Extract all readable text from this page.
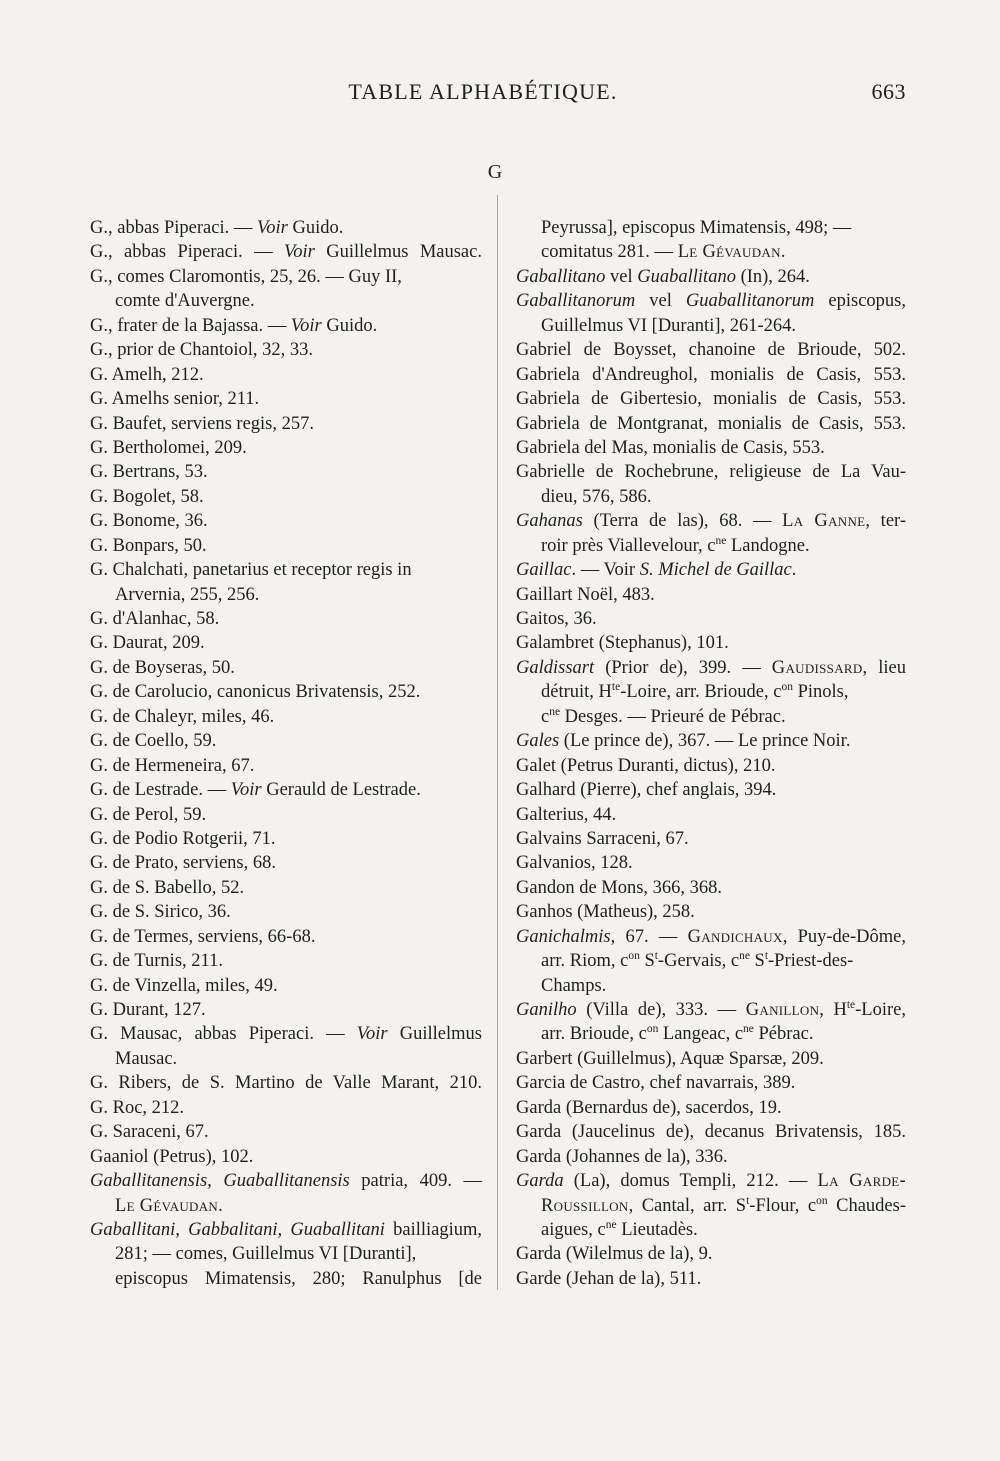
TABLE ALPHABÉTIQUE.	663
G
G., abbas Piperaci. — Voir Guido.
G., abbas Piperaci. — Voir Guillelmus Mausac.
G., comes Claromontis, 25, 26. — Guy II,
comte d'Auvergne.
G., frater de la Bajassa. — Voir Guido.
G., prior de Chantoiol, 32, 33.
G. Amelh, 212.
G. Amelhs senior, 211.
G. Baufet, serviens regis, 257.
G. Bertholomei, 209.
G. Bertrans, 53.
G. Bogolet, 58.
G. Bonome, 36.
G. Bonpars, 50.
G. Chalchati, panetarius et receptor regis in
Arvernia, 255, 256.
G. d'Alanhac, 58.
G. Daurat, 209.
G. de Boyseras, 50.
G. de Carolucio, canonicus Brivatensis, 252.
G. de Chaleyr, miles, 46.
G. de Coello, 59.
G. de Hermeneira, 67.
G. de Lestrade. — Voir Gerauld de Lestrade.
G. de Perol, 59.
G. de Podio Rotgerii, 71.
G. de Prato, serviens, 68.
G. de S. Babello, 52.
G. de S. Sirico, 36.
G. de Termes, serviens, 66-68.
G. de Turnis, 211.
G. de Vinzella, miles, 49.
G. Durant, 127.
G. Mausac, abbas Piperaci. — Voir Guillelmus
Mausac.
G. Ribers, de S. Martino de Valle Marant, 210.
G. Roc, 212.
G. Saraceni, 67.
Gaaniol (Petrus), 102.
Gaballitanensis, Guaballitanensis patria, 409. —
Le Gévaudan.
Gaballitani, Gabbalitani, Guaballitani bailliagium,
281; — comes, Guillelmus VI [Duranti],
episcopus Mimatensis, 280; Ranulphus [de
Peyrussa], episcopus Mimatensis, 498; —
comitatus 281. — Le Gévaudan.
Gaballitano vel Guaballitano (In), 264.
Gaballitanorum vel Guaballitanorum episcopus,
Guillelmus VI [Duranti], 261-264.
Gabriel de Boysset, chanoine de Brioude, 502.
Gabriela d'Andreughol, monialis de Casis, 553.
Gabriela de Gibertesio, monialis de Casis, 553.
Gabriela de Montgranat, monialis de Casis, 553.
Gabriela del Mas, monialis de Casis, 553.
Gabrielle de Rochebrune, religieuse de La Vau-
dieu, 576, 586.
Gahanas (Terra de las), 68. — La Ganne, ter-
roir près Viallevelour, $c^{ne}$ Landogne.
Gaillac. — Voir S. Michel de Gaillac.
Gaillart Noël, 483.
Gaitos, 36.
Galambret (Stephanus), 101.
Galdissart (Prior de), 399. — Gaudissard, lieu
détruit, $H^{te}$-Loire, arr. Brioude, $c^{on}$ Pinols,
$c^{ne}$ Desges. — Prieuré de Pébrac.
Gales (Le prince de), 367. — Le prince Noir.
Galet (Petrus Duranti, dictus), 210.
Galhard (Pierre), chef anglais, 394.
Galterius, 44.
Galvains Sarraceni, 67.
Galvanios, 128.
Gandon de Mons, 366, 368.
Ganhos (Matheus), 258.
Ganichalmis, 67. — Gandichaux, Puy-de-Dôme,
arr. Riom, $c^{on}$ $S^t$-Gervais, $c^{ne}$ $S^t-Priest-des-$
Champs.
Ganilho (Villa de), 333. — Ganillon, $H^{te}$-Loire,
arr. Brioude, $c^{on}$ Langeac, $c^{ne}$ Pébrac.
Garbert (Guillelmus), Aquæ Sparsæ, 209.
Garcia de Castro, chef navarrais, 389.
Garda (Bernardus de), sacerdos, 19.
Garda (Jaucelinus de), decanus Brivatensis, 185.
Garda (Johannes de la), 336.
Garda (La), domus Templi, 212. — La Garde-
Roussillon, Cantal, arr. $S^t$-Flour, $c^{on}$ Chaudes-
aigues, $c^{ne}$ Lieutadès.
Garda (Wilelmus de la), 9.
Garde (Jehan de la), 511.
